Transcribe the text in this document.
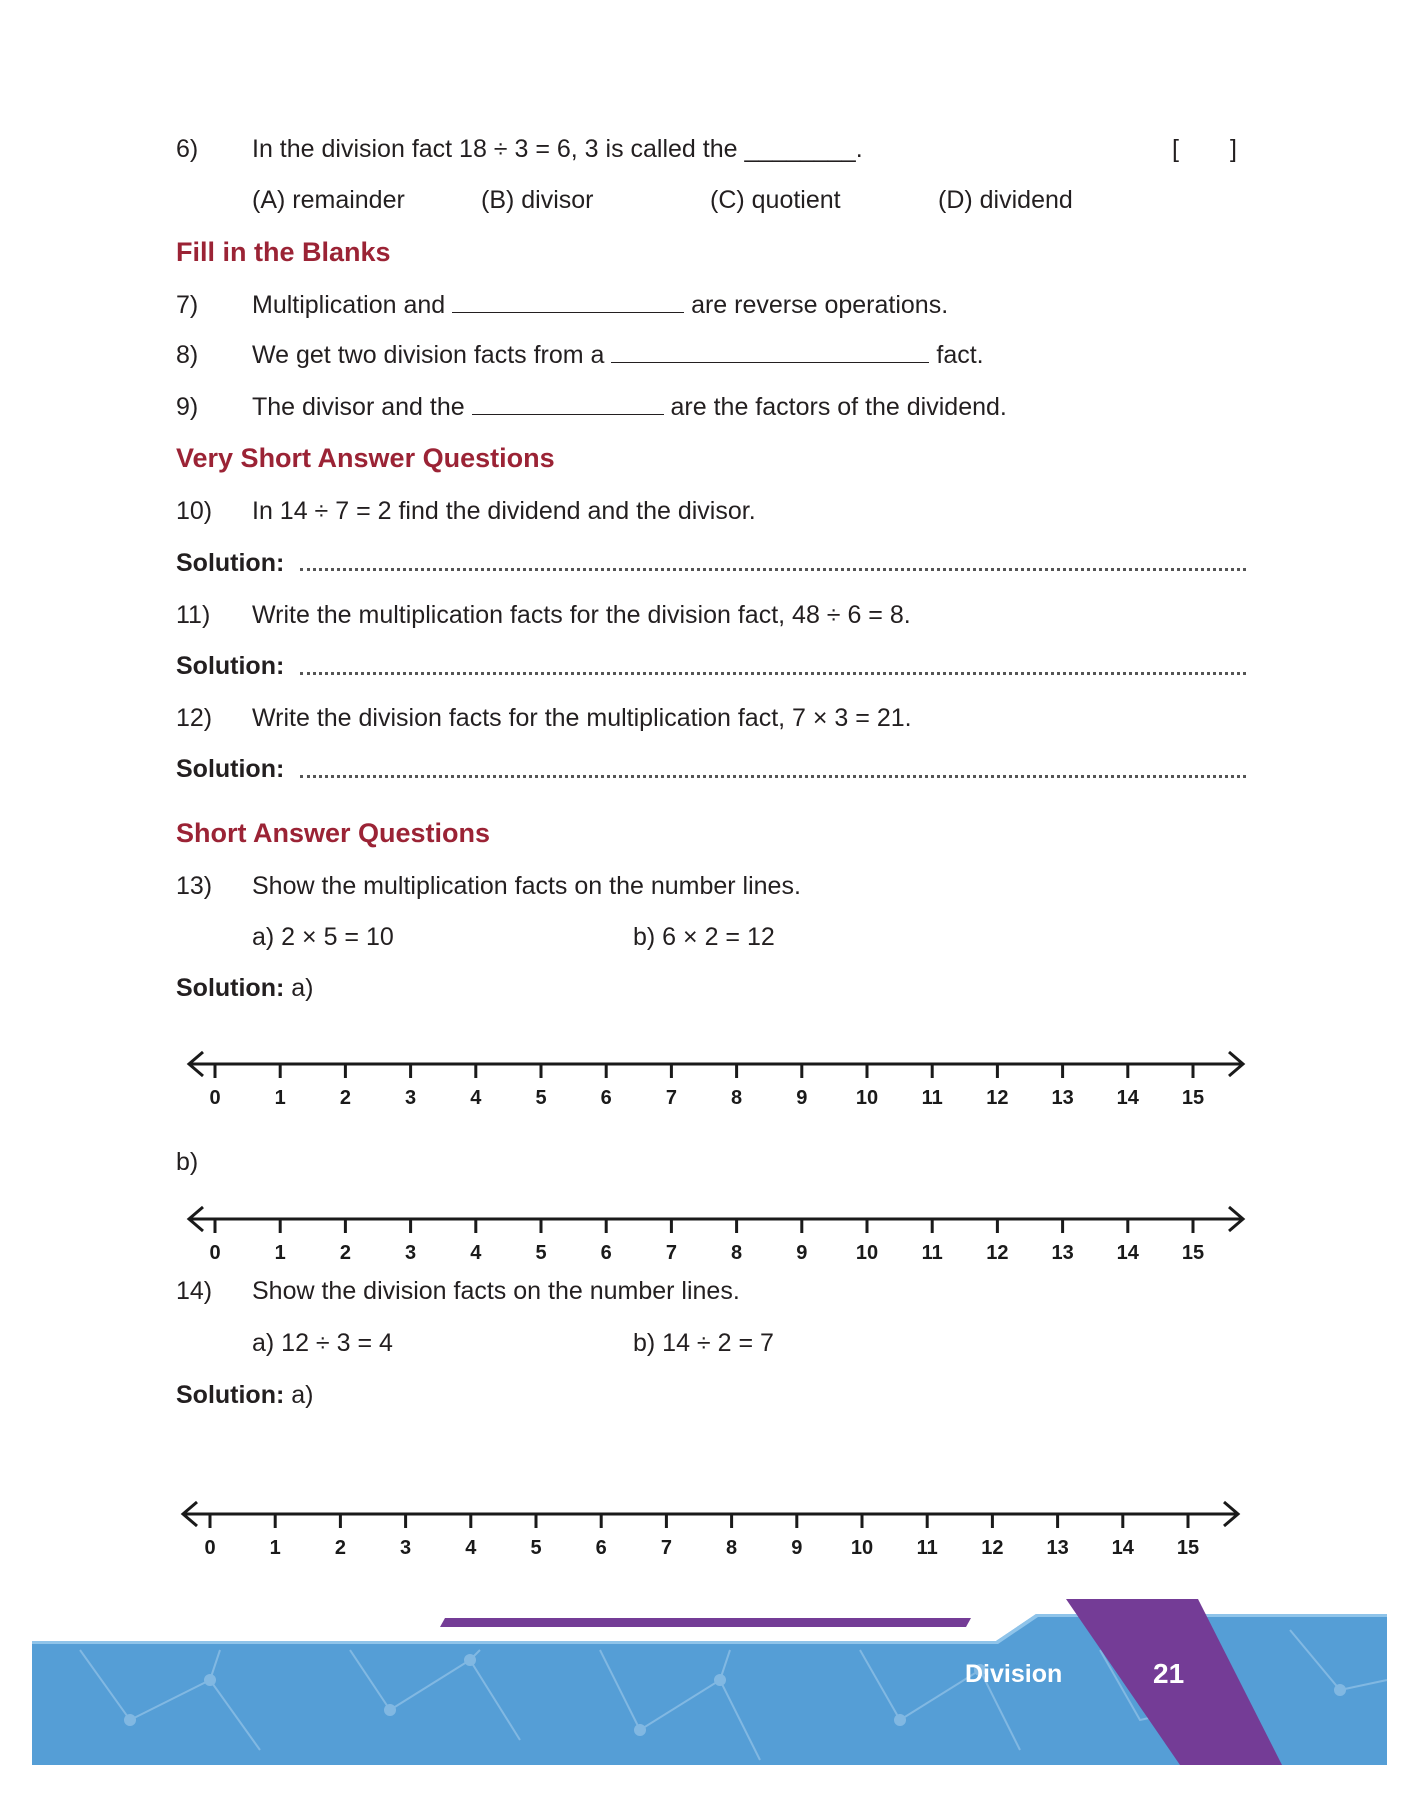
6) In the division fact 18 ÷ 3 = 6, 3 is called the ________.	[ ]
(A) remainder	(B) divisor	(C) quotient	(D) dividend
Fill in the Blanks
7) Multiplication and	are reverse operations.
8) We get two division facts from a	fact.
9) The divisor and the	are the factors of the dividend.
Very Short Answer Questions
10) In 14 ÷ 7 = 2 find the dividend and the divisor.
Solution:
11) Write the multiplication facts for the division fact, 48 ÷ 6 = 8.
Solution:
12) Write the division facts for the multiplication fact, 7 × 3 = 21.
Solution:
Short Answer Questions
13) Show the multiplication facts on the number lines.
a) 2 × 5 = 10	b) 6 × 2 = 12
Solution: a)
0	1	2	3	4	5	6	7	8	9 10 11 12 13 14 15
b)
0	1	2	3	4	5	6	7	8	9 10 11 12 13 14 15
14) Show the division facts on the number lines.
a) 12 ÷ 3 = 4	b) 14 ÷ 2 = 7
Solution: a)
0	1	2	3	4	5	6	7	8	9 10 11 12 13 14 15
Division	21
